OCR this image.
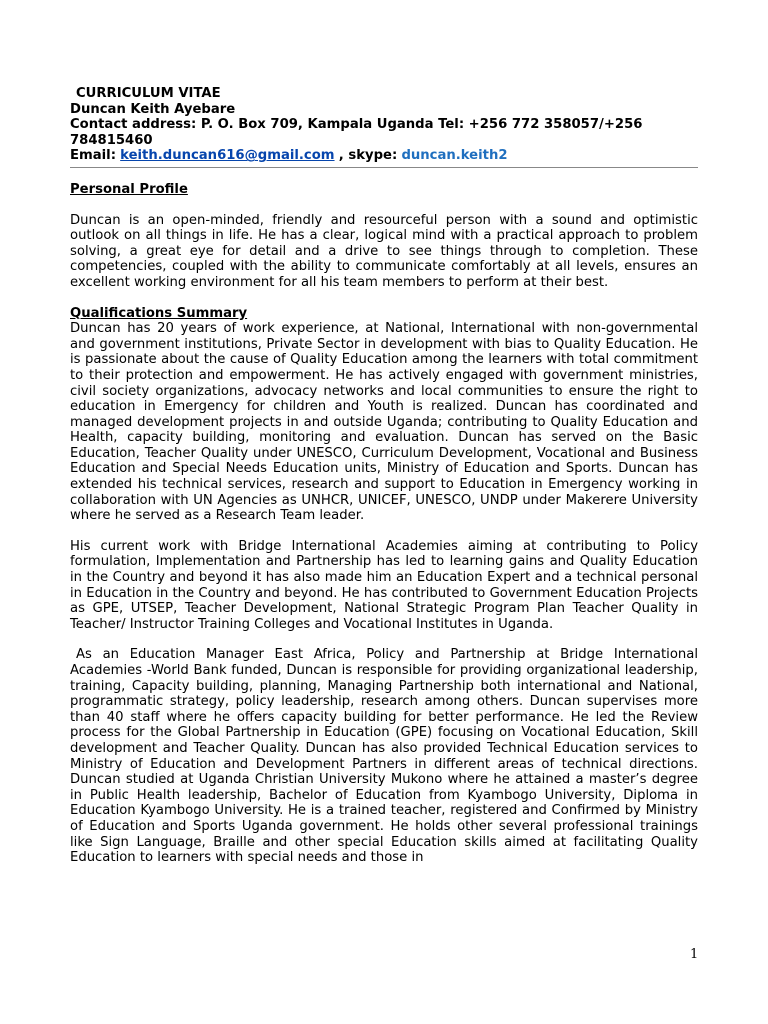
CURRICULUM VITAE
Duncan Keith Ayebare
Contact address: P. O. Box 709, Kampala Uganda Tel: +256 772 358057/+256
784815460
Email: keith.duncan616@gmail.com , skype: duncan.keith2
Personal Profile

Duncan is an open-minded, friendly and resourceful person with a sound and optimistic outlook on all things in life. He has a clear, logical mind with a practical approach to problem solving, a great eye for detail and a drive to see things through to completion. These competencies, coupled with the ability to communicate comfortably at all levels, ensures an excellent working environment for all his team members to perform at their best.

Qualifications Summary

Duncan has 20 years of work experience, at National, International with non-governmental and government institutions, Private Sector in development with bias to Quality Education. He is passionate about the cause of Quality Education among the learners with total commitment to their protection and empowerment. He has actively engaged with government ministries, civil society organizations, advocacy networks and local communities to ensure the right to education in Emergency for children and Youth is realized. Duncan has coordinated and managed development projects in and outside Uganda; contributing to Quality Education and Health, capacity building, monitoring and evaluation. Duncan has served on the Basic Education, Teacher Quality under UNESCO, Curriculum Development, Vocational and Business Education and Special Needs Education units, Ministry of Education and Sports. Duncan has extended his technical services, research and support to Education in Emergency working in collaboration with UN Agencies as UNHCR, UNICEF, UNESCO, UNDP under Makerere University where he served as a Research Team leader.

His current work with Bridge International Academies aiming at contributing to Policy formulation, Implementation and Partnership has led to learning gains and Quality Education in the Country and beyond it has also made him an Education Expert and a technical personal in Education in the Country and beyond. He has contributed to Government Education Projects as GPE, UTSEP, Teacher Development, National Strategic Program Plan Teacher Quality in Teacher/ Instructor Training Colleges and Vocational Institutes in Uganda.

As an Education Manager East Africa, Policy and Partnership at Bridge International Academies -World Bank funded, Duncan is responsible for providing organizational leadership, training, Capacity building, planning, Managing Partnership both international and National, programmatic strategy, policy leadership, research among others. Duncan supervises more than 40 staff where he offers capacity building for better performance. He led the Review process for the Global Partnership in Education (GPE) focusing on Vocational Education, Skill development and Teacher Quality. Duncan has also provided Technical Education services to Ministry of Education and Development Partners in different areas of technical directions. Duncan studied at Uganda Christian University Mukono where he attained a master’s degree in Public Health leadership, Bachelor of Education from Kyambogo University, Diploma in Education Kyambogo University. He is a trained teacher, registered and Confirmed by Ministry of Education and Sports Uganda government. He holds other several professional trainings like Sign Language, Braille and other special Education skills aimed at facilitating Quality Education to learners with special needs and those in

1
